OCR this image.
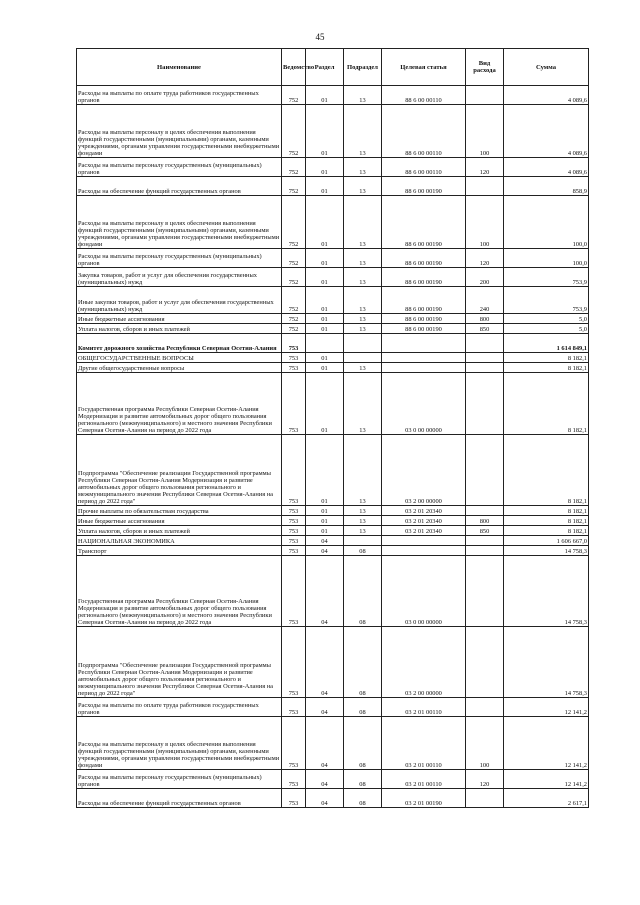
45
Наименование	Ведомство	Раздел	Подраздел	Целевая статья	Вид расхода	Сумма
Расходы на выплаты по оплате труда работников государственных органов	752	01	13	88 6 00 00110		4 089,6
Расходы на выплаты персоналу в целях обеспечения выполнения функций государственными (муниципальными) органами, казенными учреждениями, органами управления государственными внебюджетными фондами	752	01	13	88 6 00 00110	100	4 089,6
Расходы на выплаты персоналу государственных (муниципальных) органов	752	01	13	88 6 00 00110	120	4 089,6
Расходы на обеспечение функций государственных органов	752	01	13	88 6 00 00190		858,9
Расходы на выплаты персоналу в целях обеспечения выполнения функций государственными (муниципальными) органами, казенными учреждениями, органами управления государственными внебюджетными фондами	752	01	13	88 6 00 00190	100	100,0
Расходы на выплаты персоналу государственных (муниципальных) органов	752	01	13	88 6 00 00190	120	100,0
Закупка товаров, работ и услуг для обеспечения государственных (муниципальных) нужд	752	01	13	88 6 00 00190	200	753,9
Иные закупки товаров, работ и услуг для обеспечения государственных (муниципальных) нужд	752	01	13	88 6 00 00190	240	753,9
Иные бюджетные ассигнования	752	01	13	88 6 00 00190	800	5,0
Уплата налогов, сборов и иных платежей	752	01	13	88 6 00 00190	850	5,0
Комитет дорожного хозяйства Республики Северная Осетия-Алания	753					1 614 849,1
ОБЩЕГОСУДАРСТВЕННЫЕ ВОПРОСЫ	753	01				8 182,1
Другие общегосударственные вопросы	753	01	13			8 182,1
Государственная программа Республики Северная Осетия-Алания Модернизация и развитие автомобильных дорог общего пользования регионального (межмуниципального) и местного значения Республики Северная Осетия-Алания на период до 2022 года	753	01	13	03 0 00 00000		8 182,1
Подпрограмма "Обеспечение реализации Государственной программы Республики Северная Осетия-Алания Модернизация и развитие автомобильных дорог общего пользования регионального и межмуниципального значения Республики Северная Осетия-Алания на период до 2022 года"	753	01	13	03 2 00 00000		8 182,1
Прочие выплаты по обязательствам государства	753	01	13	03 2 01 20340		8 182,1
Иные бюджетные ассигнования	753	01	13	03 2 01 20340	800	8 182,1
Уплата налогов, сборов и иных платежей	753	01	13	03 2 01 20340	850	8 182,1
НАЦИОНАЛЬНАЯ ЭКОНОМИКА	753	04				1 606 667,0
Транспорт	753	04	08			14 758,3
Государственная программа Республики Северная Осетия-Алания Модернизация и развитие автомобильных дорог общего пользования регионального (межмуниципального) и местного значения Республики Северная Осетия-Алания на период до 2022 года	753	04	08	03 0 00 00000		14 758,3
Подпрограмма "Обеспечение реализации Государственной программы Республики Северная Осетия-Алания Модернизация и развитие автомобильных дорог общего пользования регионального и межмуниципального значения Республики Северная Осетия-Алания на период до 2022 года"	753	04	08	03 2 00 00000		14 758,3
Расходы на выплаты по оплате труда работников государственных органов	753	04	08	03 2 01 00110		12 141,2
Расходы на выплаты персоналу в целях обеспечения выполнения функций государственными (муниципальными) органами, казенными учреждениями, органами управления государственными внебюджетными фондами	753	04	08	03 2 01 00110	100	12 141,2
Расходы на выплаты персоналу государственных (муниципальных) органов	753	04	08	03 2 01 00110	120	12 141,2
Расходы на обеспечение функций государственных органов	753	04	08	03 2 01 00190		2 617,1
